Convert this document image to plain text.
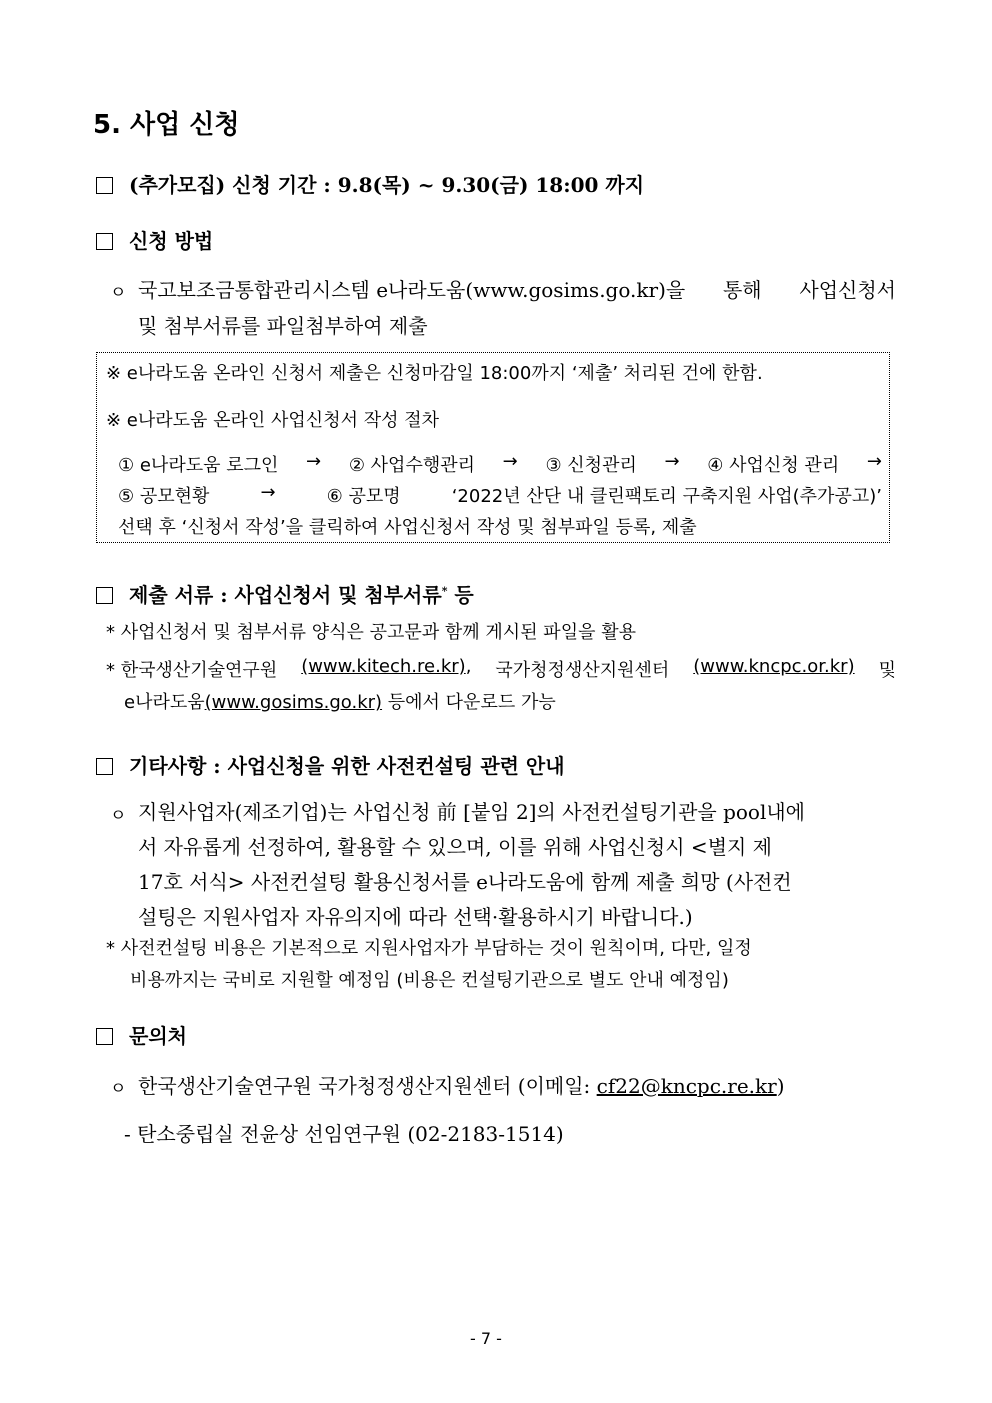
5. 사업 신청
(추가모집) 신청 기간 : 9.8(목) ~ 9.30(금) 18:00 까지
신청 방법
ㅇ 국고보조금통합관리시스템 e나라도움(www.gosims.go.kr)을 통해 사업신청서
및 첨부서류를 파일첨부하여 제출
※ e나라도움 온라인 신청서 제출은 신청마감일 18:00까지 ‘제출’ 처리된 건에 한함.
※ e나라도움 온라인 사업신청서 작성 절차
① e나라도움 로그인 → ② 사업수행관리 → ③ 신청관리 → ④ 사업신청 관리 →
⑤ 공모현황	→	⑥ 공모명	‘2022년 산단 내 클린팩토리 구축지원 사업(추가공고)’
선택 후 ‘신청서 작성’을 클릭하여 사업신청서 작성 및 첨부파일 등록, 제출
제출 서류 : 사업신청서 및 첨부서류* 등
* 사업신청서 및 첨부서류 양식은 공고문과 함께 게시된 파일을 활용
* 한국생산기술연구원 (www.kitech.re.kr), 국가청정생산지원센터 (www.kncpc.or.kr) 및
e나라도움(www.gosims.go.kr) 등에서 다운로드 가능
기타사항 : 사업신청을 위한 사전컨설팅 관련 안내
ㅇ 지원사업자(제조기업)는 사업신청 前 [붙임 2]의 사전컨설팅기관을 pool내에
서 자유롭게 선정하여, 활용할 수 있으며, 이를 위해 사업신청시 <별지 제
17호 서식> 사전컨설팅 활용신청서를 e나라도움에 함께 제출 희망 (사전컨
설팅은 지원사업자 자유의지에 따라 선택·활용하시기 바랍니다.)
* 사전컨설팅 비용은 기본적으로 지원사업자가 부담하는 것이 원칙이며, 다만, 일정
비용까지는 국비로 지원할 예정임 (비용은 컨설팅기관으로 별도 안내 예정임)
문의처
ㅇ 한국생산기술연구원 국가청정생산지원센터 (이메일: cf22@kncpc.re.kr)
- 탄소중립실 전윤상 선임연구원 (02-2183-1514)
- 7 -
